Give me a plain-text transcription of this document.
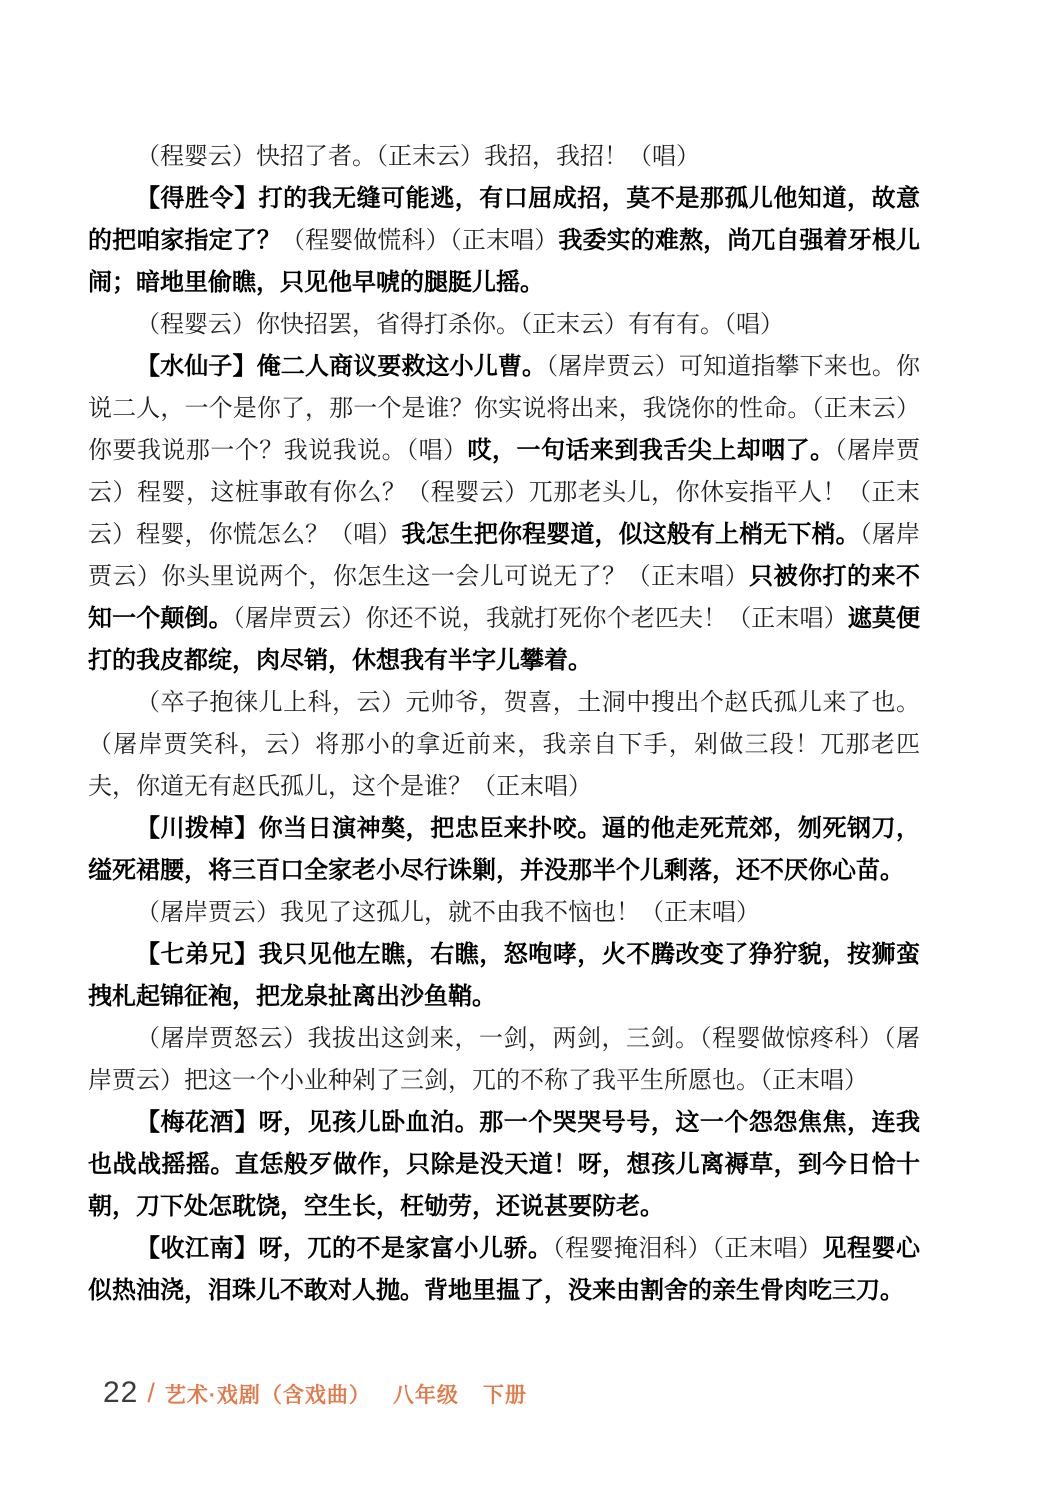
（程婴云）快招了者。（正末云）我招，我招！（唱）

【得胜令】打的我无缝可能逃，有口屈成招，莫不是那孤儿他知道，故意的把咱家指定了？（程婴做慌科）（正末唱）我委实的难熬，尚兀自强着牙根儿闹；暗地里偷瞧，只见他早唬的腿脡儿摇。

（程婴云）你快招罢，省得打杀你。（正末云）有有有。（唱）

【水仙子】俺二人商议要救这小儿曹。（屠岸贾云）可知道指攀下来也。你说二人，一个是你了，那一个是谁？你实说将出来，我饶你的性命。（正末云）你要我说那一个？我说我说。（唱）哎，一句话来到我舌尖上却咽了。（屠岸贾云）程婴，这桩事敢有你么？（程婴云）兀那老头儿，你休妄指平人！（正末云）程婴，你慌怎么？（唱）我怎生把你程婴道，似这般有上梢无下梢。（屠岸贾云）你头里说两个，你怎生这一会儿可说无了？（正末唱）只被你打的来不知一个颠倒。（屠岸贾云）你还不说，我就打死你个老匹夫！（正末唱）遮莫便打的我皮都绽，肉尽销，休想我有半字儿攀着。

（卒子抱徕儿上科，云）元帅爷，贺喜，土洞中搜出个赵氏孤儿来了也。（屠岸贾笑科，云）将那小的拿近前来，我亲自下手，剁做三段！兀那老匹夫，你道无有赵氏孤儿，这个是谁？（正末唱）

【川拨棹】你当日演神獒，把忠臣来扑咬。逼的他走死荒郊，刎死钢刀，缢死裙腰，将三百口全家老小尽行诛剿，并没那半个儿剩落，还不厌你心苗。

（屠岸贾云）我见了这孤儿，就不由我不恼也！（正末唱）

【七弟兄】我只见他左瞧，右瞧，怒咆哮，火不腾改变了狰狞貌，按狮蛮拽札起锦征袍，把龙泉扯离出沙鱼鞘。

（屠岸贾怒云）我拔出这剑来，一剑，两剑，三剑。（程婴做惊疼科）（屠岸贾云）把这一个小业种剁了三剑，兀的不称了我平生所愿也。（正末唱）

【梅花酒】呀，见孩儿卧血泊。那一个哭哭号号，这一个怨怨焦焦，连我也战战摇摇。直恁般歹做作，只除是没天道！呀，想孩儿离褥草，到今日恰十朝，刀下处怎耽饶，空生长，枉劬劳，还说甚要防老。

【收江南】呀，兀的不是家富小儿骄。（程婴掩泪科）（正末唱）见程婴心似热油浇，泪珠儿不敢对人抛。背地里揾了，没来由割舍的亲生骨肉吃三刀。

22 / 艺术·戏剧（含戏曲） 八年级 下册
